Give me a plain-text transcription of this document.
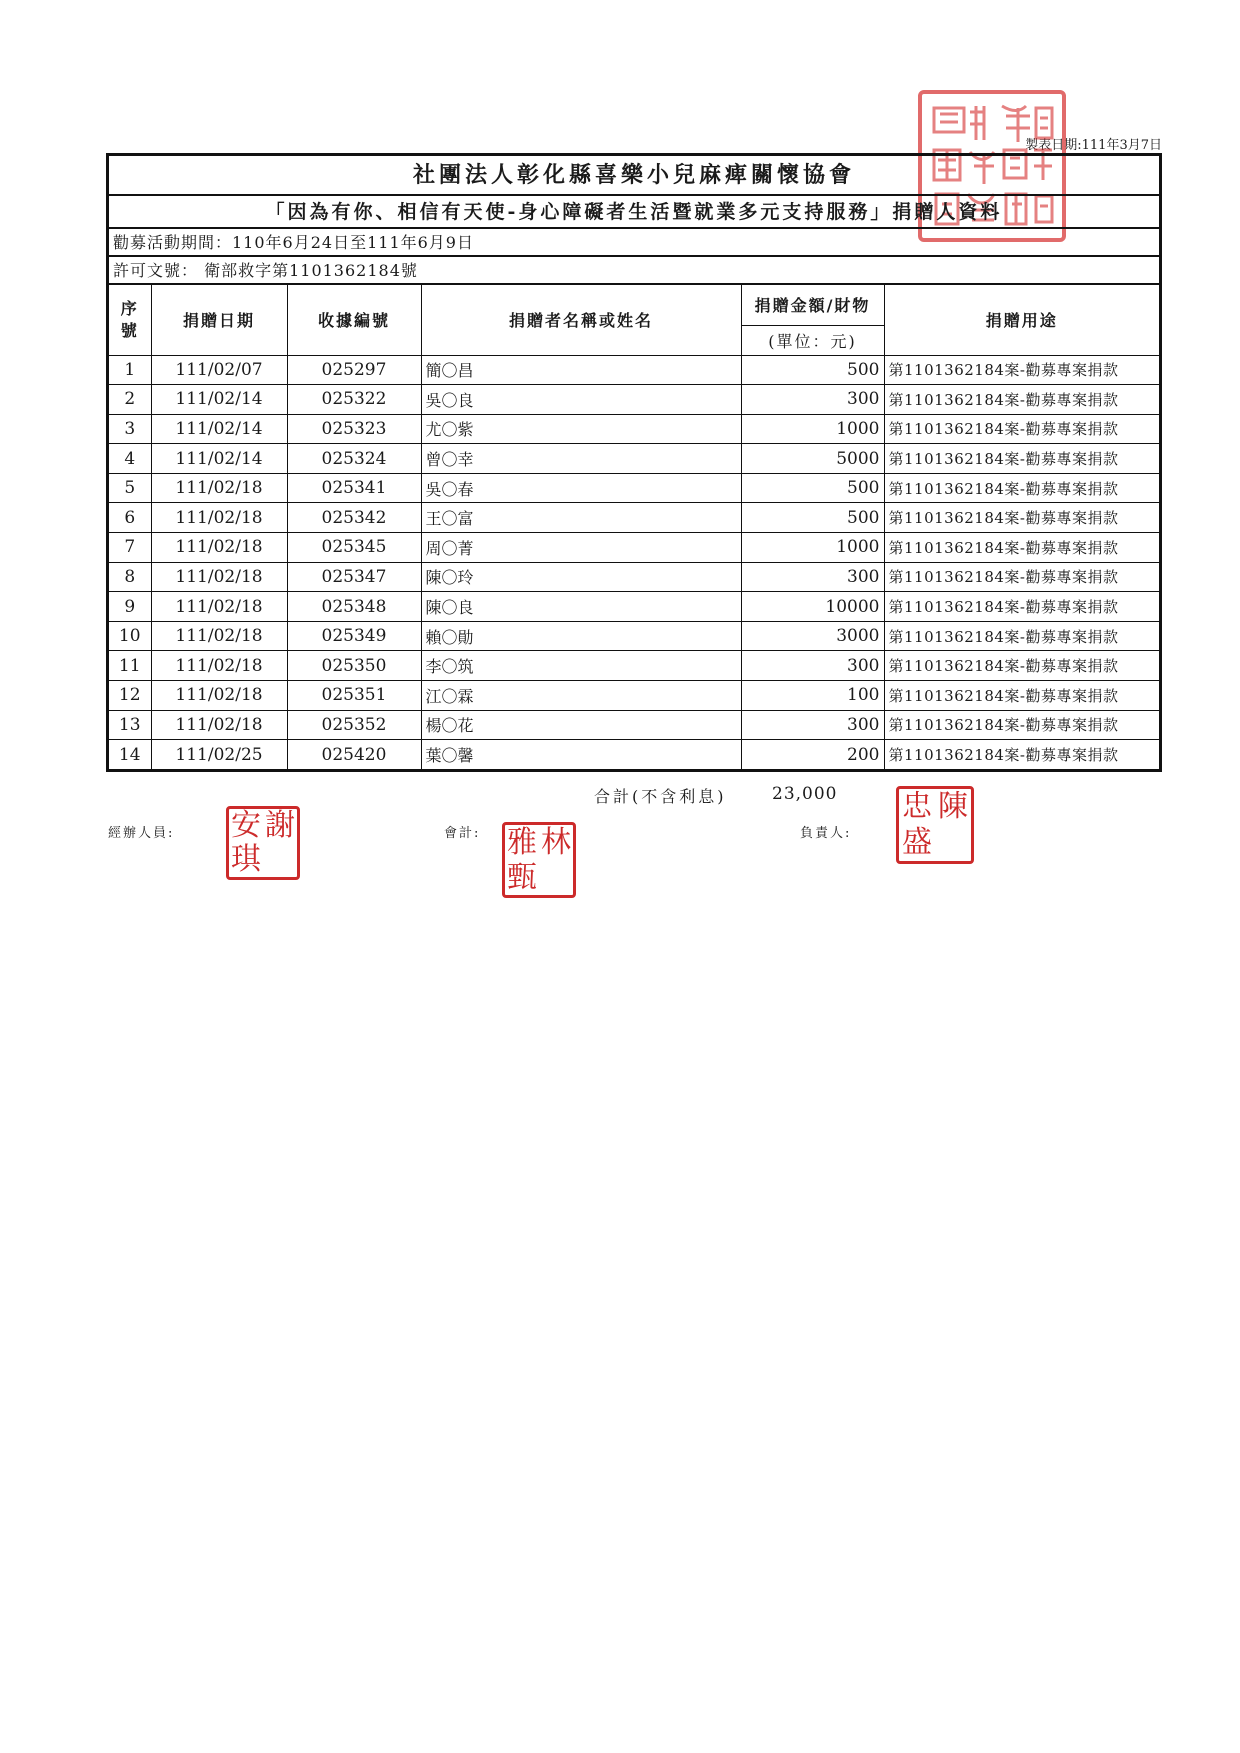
製表日期:111年3月7日
社團法人彰化縣喜樂小兒麻痺關懷協會
「因為有你、相信有天使-身心障礙者生活暨就業多元支持服務」捐贈人資料
勸募活動期間：110年6月24日至111年6月9日
許可文號： 衛部救字第1101362184號
序號	捐贈日期	收據編號	捐贈者名稱或姓名	捐贈金額/財物	捐贈用途
				(單位：元)	
1	111/02/07	025297	簡〇昌	500	第1101362184案-勸募專案捐款
2	111/02/14	025322	吳〇良	300	第1101362184案-勸募專案捐款
3	111/02/14	025323	尤〇紫	1000	第1101362184案-勸募專案捐款
4	111/02/14	025324	曾〇幸	5000	第1101362184案-勸募專案捐款
5	111/02/18	025341	吳〇春	500	第1101362184案-勸募專案捐款
6	111/02/18	025342	王〇富	500	第1101362184案-勸募專案捐款
7	111/02/18	025345	周〇菁	1000	第1101362184案-勸募專案捐款
8	111/02/18	025347	陳〇玲	300	第1101362184案-勸募專案捐款
9	111/02/18	025348	陳〇良	10000	第1101362184案-勸募專案捐款
10	111/02/18	025349	賴〇勛	3000	第1101362184案-勸募專案捐款
11	111/02/18	025350	李〇筑	300	第1101362184案-勸募專案捐款
12	111/02/18	025351	江〇霖	100	第1101362184案-勸募專案捐款
13	111/02/18	025352	楊〇花	300	第1101362184案-勸募專案捐款
14	111/02/25	025420	葉〇馨	200	第1101362184案-勸募專案捐款
合計(不含利息)	23,000
經辦人員: 安 謝
琪
會計: 雅 林
甄
負責人:
忠 陳
盛
